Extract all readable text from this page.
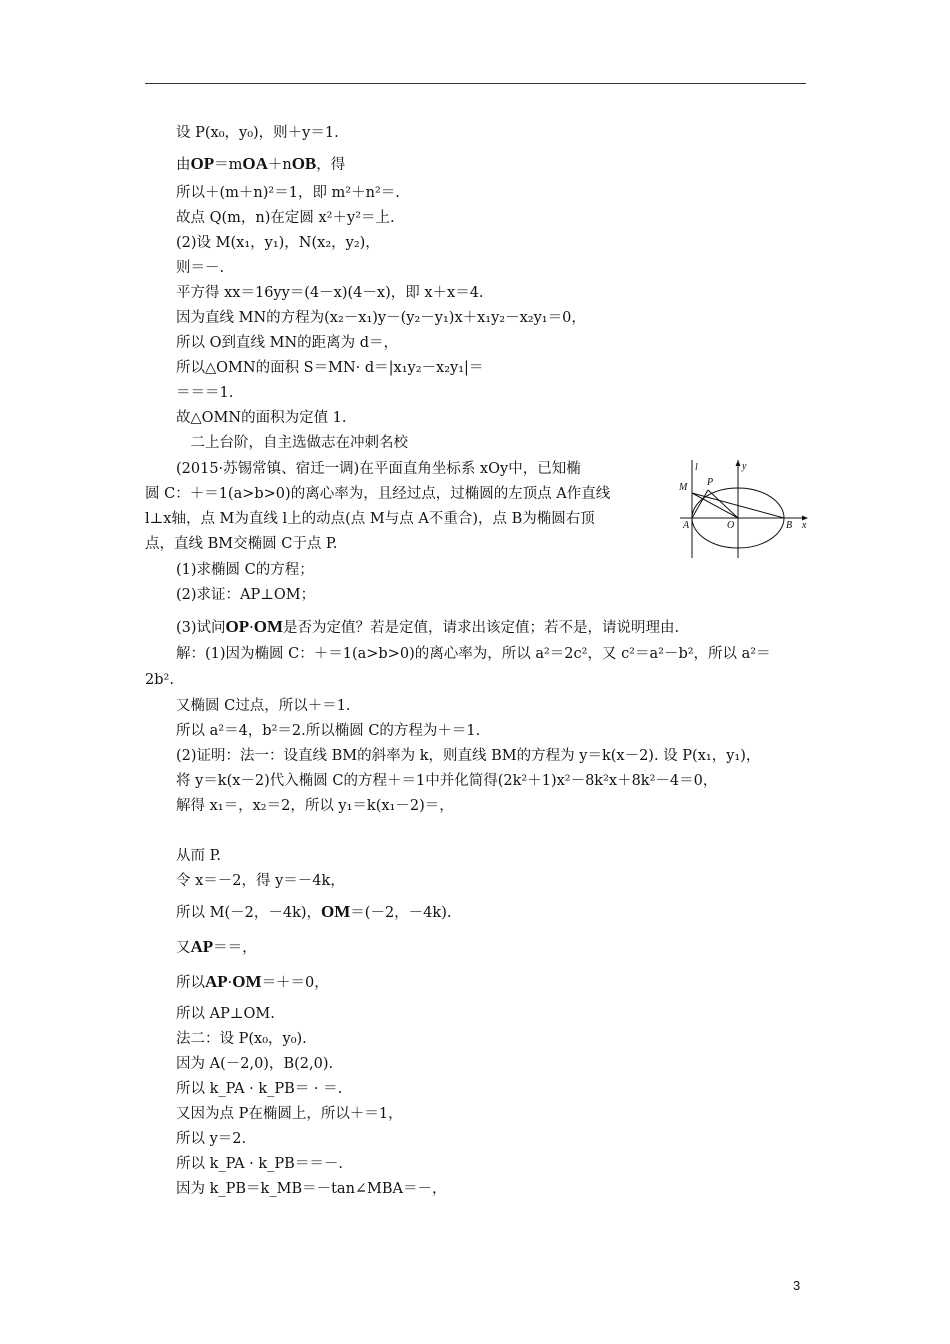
设 P(x₀，y₀)，则＋y＝1.
所以＋(m＋n)²＝1，即 m²＋n²＝.
故点 Q(m，n)在定圆 x²＋y²＝上.
(2)设 M(x₁，y₁)，N(x₂，y₂)，
则＝－.
平方得 xx＝16yy＝(4－x)(4－x)，即 x＋x＝4.
因为直线 MN的方程为(x₂－x₁)y－(y₂－y₁)x＋x₁y₂－x₂y₁＝0，
所以 O到直线 MN的距离为 d＝，
所以△OMN的面积 S＝MN· d＝|x₁y₂－x₂y₁|＝
＝＝＝1.
故△OMN的面积为定值 1.
　二上台阶，自主选做志在冲刺名校
(2015·苏锡常镇、宿迁一调)在平面直角坐标系 xOy中，已知椭
圆 C：＋＝1(a>b>0)的离心率为，且经过点，过椭圆的左顶点 A作直线
l⊥x轴，点 M为直线 l上的动点(点 M与点 A不重合)，点 B为椭圆右顶
点，直线 BM交椭圆 C于点 P.
(1)求椭圆 C的方程；
(2)求证：AP⊥OM；
解：(1)因为椭圆 C：＋＝1(a>b>0)的离心率为，所以 a²＝2c²，又 c²＝a²－b²，所以 a²＝
2b².
又椭圆 C过点，所以＋＝1.
所以 a²＝4，b²＝2.所以椭圆 C的方程为＋＝1.
(2)证明：法一：设直线 BM的斜率为 k，则直线 BM的方程为 y＝k(x－2). 设 P(x₁，y₁)，
将 y＝k(x－2)代入椭圆 C的方程＋＝1中并化简得(2k²＋1)x²－8k²x＋8k²－4＝0，
解得 x₁＝，x₂＝2，所以 y₁＝k(x₁－2)＝，
从而 P.
令 x＝－2，得 y＝－4k，
所以 AP⊥OM.
法二：设 P(x₀，y₀).
因为 A(－2,0)，B(2,0).
所以 k_PA · k_PB＝ · ＝.
又因为点 P在椭圆上，所以＋＝1，
所以 y＝2.
所以 k_PA · k_PB＝＝－.
因为 k_PB＝k_MB＝－tan∠MBA＝－，
由OP＝mOA＋nOB，得
(3)试问OP·OM是否为定值？若是定值，请求出该定值；若不是，请说明理由.
所以 M(－2，－4k)，OM＝(－2，－4k).
又AP＝＝，
所以AP·OM＝＋＝0，
l	y
M P
A	O	B x
3
